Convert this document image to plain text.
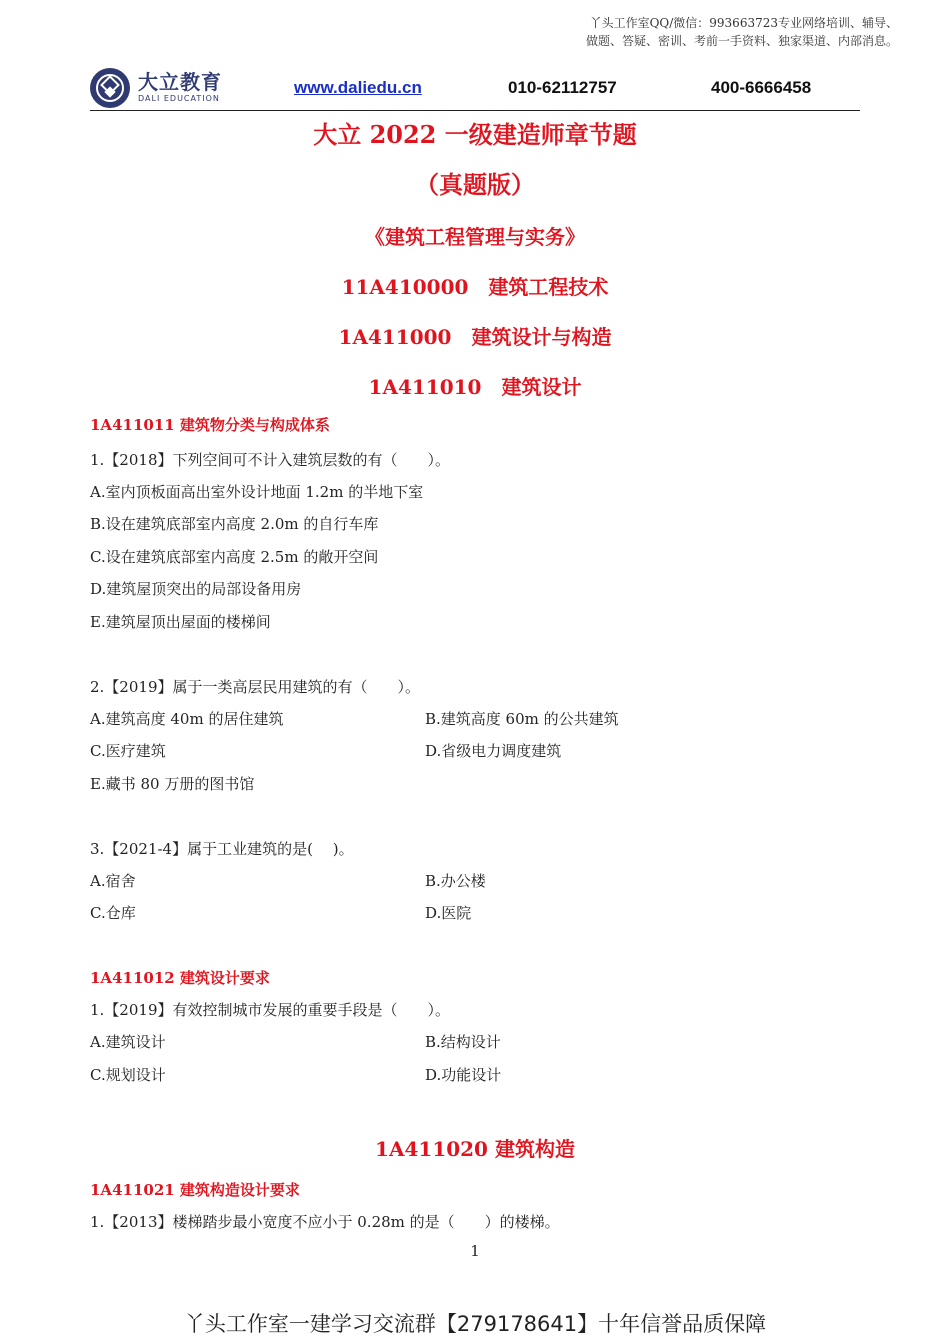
丫头工作室QQ/微信：993663723专业网络培训、辅导、
做题、答疑、密训、考前一手资料、独家渠道、内部消息。
大立教育
DALI EDUCATION
www.daliedu.cn	010-62112757	400-6666458
大立 2022 一级建造师章节题
（真题版）
《建筑工程管理与实务》
11A410000　建筑工程技术
1A411000　建筑设计与构造
1A411010　建筑设计
1A411011 建筑物分类与构成体系
1.【2018】下列空间可不计入建筑层数的有（　　）。
A.室内顶板面高出室外设计地面 1.2m 的半地下室
B.设在建筑底部室内高度 2.0m 的自行车库
C.设在建筑底部室内高度 2.5m 的敞开空间
D.建筑屋顶突出的局部设备用房
E.建筑屋顶出屋面的楼梯间
2.【2019】属于一类高层民用建筑的有（　　）。
A.建筑高度 40m 的居住建筑	B.建筑高度 60m 的公共建筑
C.医疗建筑	D.省级电力调度建筑
E.藏书 80 万册的图书馆
3.【2021-4】属于工业建筑的是(　 )。
A.宿舍	B.办公楼
C.仓库	D.医院
1A411012 建筑设计要求
1.【2019】有效控制城市发展的重要手段是（　　）。
A.建筑设计	B.结构设计
C.规划设计	D.功能设计
1A411020 建筑构造
1A411021 建筑构造设计要求
1.【2013】楼梯踏步最小宽度不应小于 0.28m 的是（　　）的楼梯。
1
丫头工作室一建学习交流群【279178641】十年信誉品质保障
